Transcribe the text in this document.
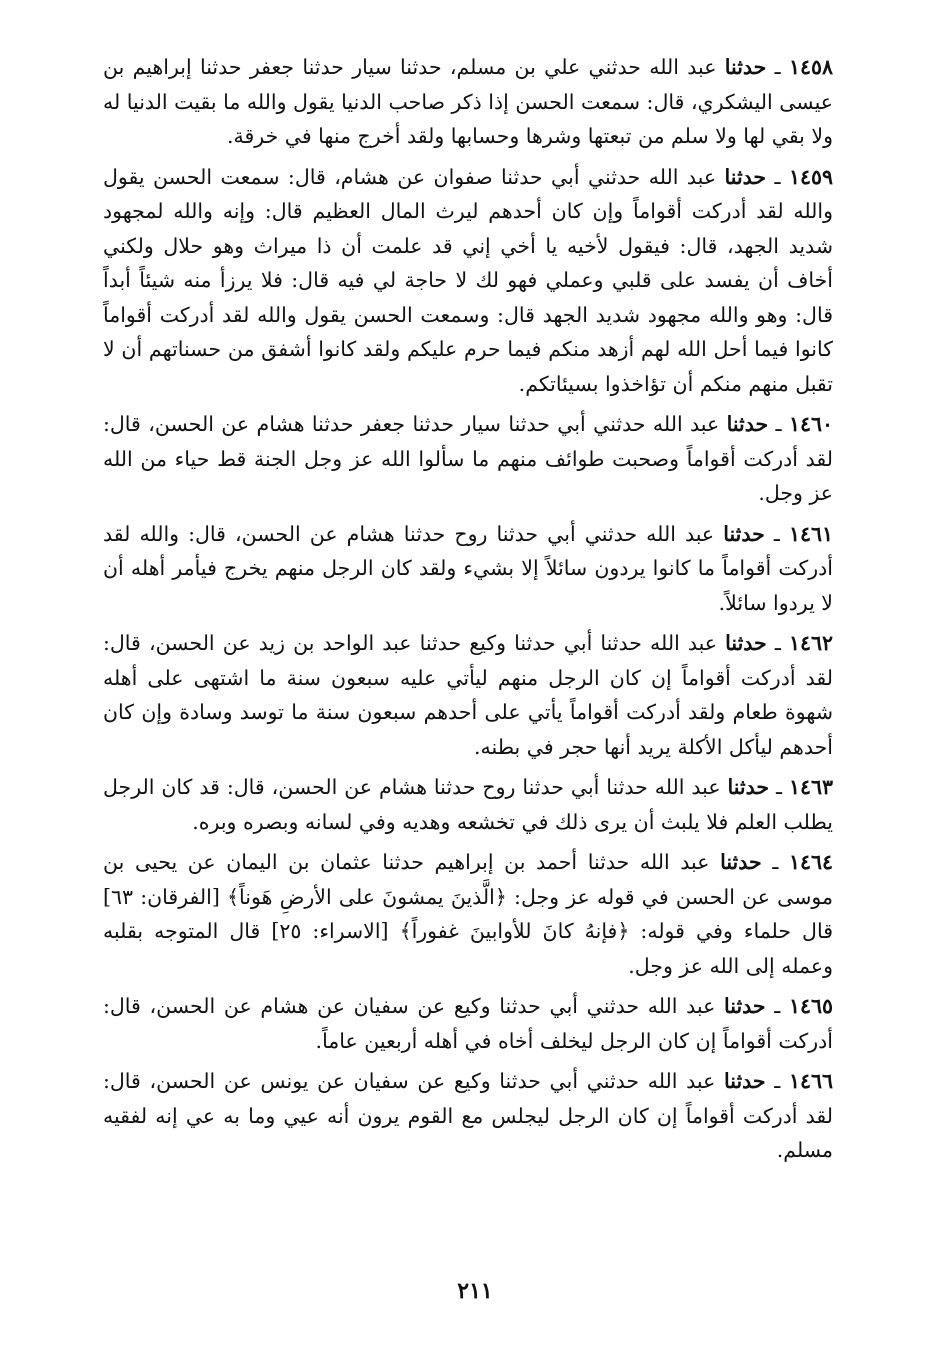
١٤٥٨ ـ حدثنا عبد الله حدثني علي بن مسلم، حدثنا سيار حدثنا جعفر حدثنا إبراهيم بن عيسى اليشكري، قال: سمعت الحسن إذا ذكر صاحب الدنيا يقول والله ما بقيت الدنيا له ولا بقي لها ولا سلم من تبعتها وشرها وحسابها ولقد أخرج منها في خرقة.

١٤٥٩ ـ حدثنا عبد الله حدثني أبي حدثنا صفوان عن هشام، قال: سمعت الحسن يقول والله لقد أدركت أقواماً وإن كان أحدهم ليرث المال العظيم قال: وإنه والله لمجهود شديد الجهد، قال: فيقول لأخيه يا أخي إني قد علمت أن ذا ميراث وهو حلال ولكني أخاف أن يفسد على قلبي وعملي فهو لك لا حاجة لي فيه قال: فلا يرزأ منه شيئاً أبداً قال: وهو والله مجهود شديد الجهد قال: وسمعت الحسن يقول والله لقد أدركت أقواماً كانوا فيما أحل الله لهم أزهد منكم فيما حرم عليكم ولقد كانوا أشفق من حسناتهم أن لا تقبل منهم منكم أن تؤاخذوا بسيئاتكم.

١٤٦٠ ـ حدثنا عبد الله حدثني أبي حدثنا سيار حدثنا جعفر حدثنا هشام عن الحسن، قال: لقد أدركت أقواماً وصحبت طوائف منهم ما سألوا الله عز وجل الجنة قط حياء من الله عز وجل.

١٤٦١ ـ حدثنا عبد الله حدثني أبي حدثنا روح حدثنا هشام عن الحسن، قال: والله لقد أدركت أقواماً ما كانوا يردون سائلاً إلا بشيء ولقد كان الرجل منهم يخرج فيأمر أهله أن لا يردوا سائلاً.

١٤٦٢ ـ حدثنا عبد الله حدثنا أبي حدثنا وكيع حدثنا عبد الواحد بن زيد عن الحسن، قال: لقد أدركت أقواماً إن كان الرجل منهم ليأتي عليه سبعون سنة ما اشتهى على أهله شهوة طعام ولقد أدركت أقواماً يأتي على أحدهم سبعون سنة ما توسد وسادة وإن كان أحدهم ليأكل الأكلة يريد أنها حجر في بطنه.

١٤٦٣ ـ حدثنا عبد الله حدثنا أبي حدثنا روح حدثنا هشام عن الحسن، قال: قد كان الرجل يطلب العلم فلا يلبث أن يرى ذلك في تخشعه وهديه وفي لسانه وبصره وبره.

١٤٦٤ ـ حدثنا عبد الله حدثنا أحمد بن إبراهيم حدثنا عثمان بن اليمان عن يحيى بن موسى عن الحسن في قوله عز وجل: ﴿الَّذينَ يمشونَ على الأرضِ هَوناً﴾ [الفرقان: ٦٣] قال حلماء وفي قوله: ﴿فإنهُ كانَ للأوابينَ غفوراً﴾ [الاسراء: ٢٥] قال المتوجه بقلبه وعمله إلى الله عز وجل.

١٤٦٥ ـ حدثنا عبد الله حدثني أبي حدثنا وكيع عن سفيان عن هشام عن الحسن، قال: أدركت أقواماً إن كان الرجل ليخلف أخاه في أهله أربعين عاماً.

١٤٦٦ ـ حدثنا عبد الله حدثني أبي حدثنا وكيع عن سفيان عن يونس عن الحسن، قال: لقد أدركت أقواماً إن كان الرجل ليجلس مع القوم يرون أنه عيي وما به عي إنه لفقيه مسلم.

٢١١
